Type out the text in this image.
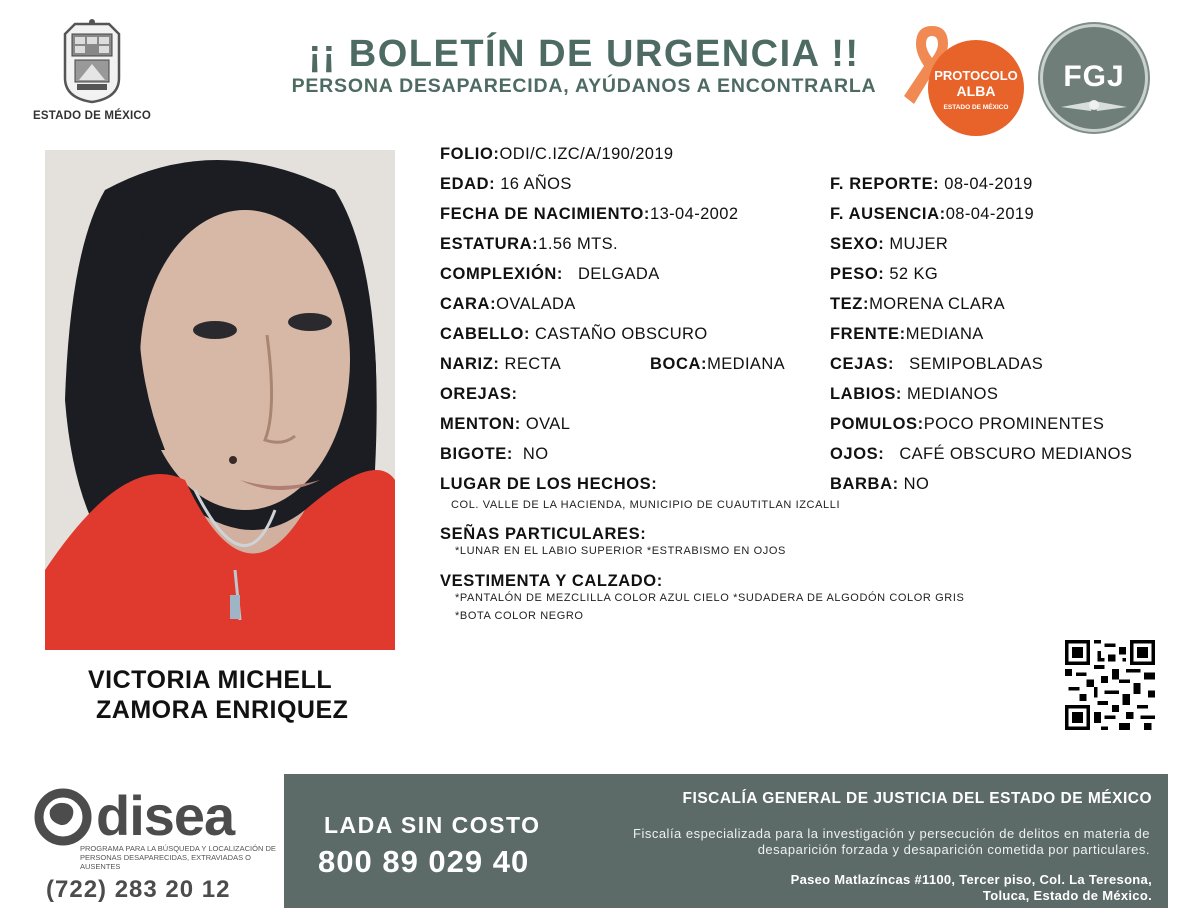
ESTADO DE MÉXICO
¡¡ BOLETÍN DE URGENCIA !!
PERSONA DESAPARECIDA, AYÚDANOS A ENCONTRARLA	PROTOCOLO
ALBA
ESTADO DE MÉXICO
FGJ
VICTORIA MICHELL
ZAMORA ENRIQUEZ
FOLIO:ODI/C.IZC/A/190/2019
EDAD: 16 AÑOS	F. REPORTE: 08-04-2019
FECHA DE NACIMIENTO:13-04-2002	F. AUSENCIA:08-04-2019
ESTATURA:1.56 MTS.	SEXO: MUJER
COMPLEXIÓN: DELGADA	PESO: 52 KG
CARA:OVALADA	TEZ:MORENA CLARA
CABELLO: CASTAÑO OBSCURO	FRENTE:MEDIANA
NARIZ: RECTA	BOCA:MEDIANA	CEJAS: SEMIPOBLADAS
OREJAS:	LABIOS: MEDIANOS
MENTON: OVAL	POMULOS:POCO PROMINENTES
BIGOTE: NO	OJOS: CAFÉ OBSCURO MEDIANOS
LUGAR DE LOS HECHOS:	BARBA: NO
COL. VALLE DE LA HACIENDA, MUNICIPIO DE CUAUTITLAN IZCALLI
SEÑAS PARTICULARES:
*LUNAR EN EL LABIO SUPERIOR *ESTRABISMO EN OJOS
VESTIMENTA Y CALZADO:
*PANTALÓN DE MEZCLILLA COLOR AZUL CIELO *SUDADERA DE ALGODÓN COLOR GRIS
*BOTA COLOR NEGRO
disea
PROGRAMA PARA LA BÚSQUEDA Y LOCALIZACIÓN DE PERSONAS DESAPARECIDAS, EXTRAVIADAS O AUSENTES
(722) 283 20 12
LADA SIN COSTO
800 89 029 40
FISCALÍA GENERAL DE JUSTICIA DEL ESTADO DE MÉXICO
Fiscalía especializada para la investigación y persecución de delitos en materia de desaparición forzada y desaparición cometida por particulares.
Paseo Matlazíncas #1100, Tercer piso, Col. La Teresona,
Toluca, Estado de México.
